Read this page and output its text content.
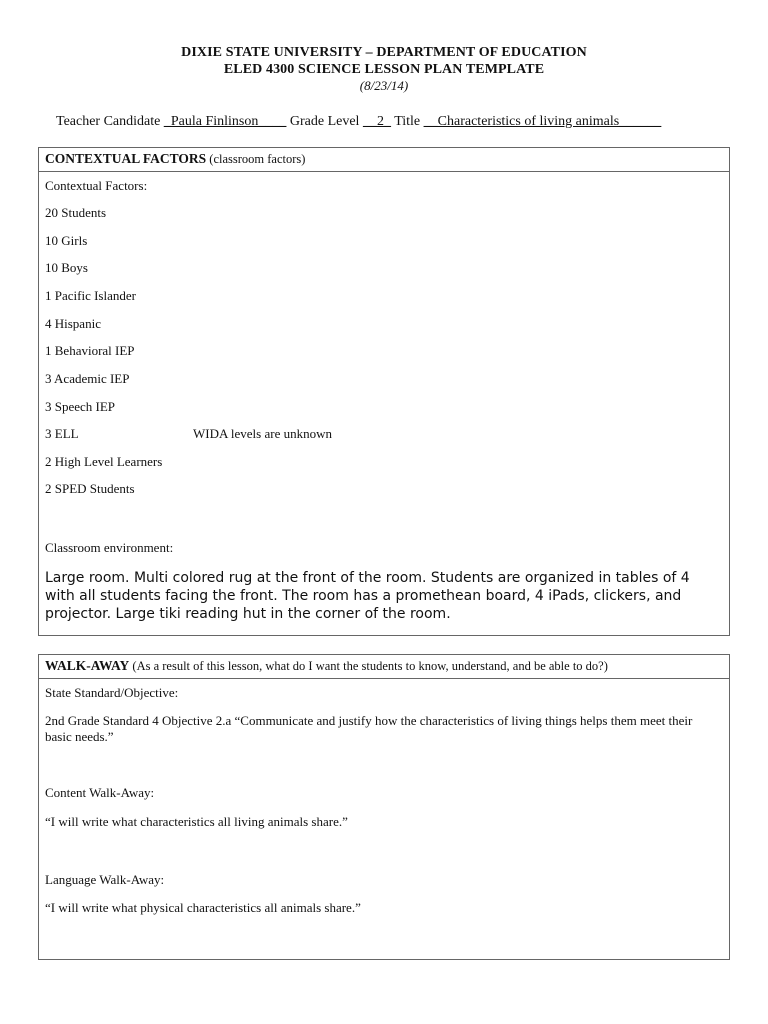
DIXIE STATE UNIVERSITY – DEPARTMENT OF EDUCATION
ELED 4300 SCIENCE LESSON PLAN TEMPLATE
(8/23/14)
Teacher Candidate _Paula Finlinson____ Grade Level __2_ Title __Characteristics of living animals______
CONTEXTUAL FACTORS (classroom factors)
Contextual Factors:
20 Students
10 Girls
10 Boys
1 Pacific Islander
4 Hispanic
1 Behavioral IEP
3 Academic IEP
3 Speech IEP
3 ELL	WIDA levels are unknown
2 High Level Learners
2 SPED Students
Classroom environment:
Large room. Multi colored rug at the front of the room. Students are organized in tables of 4 with all students facing the front. The room has a promethean board, 4 iPads, clickers, and projector. Large tiki reading hut in the corner of the room.
WALK-AWAY (As a result of this lesson, what do I want the students to know, understand, and be able to do?)
State Standard/Objective:
2nd Grade Standard 4 Objective 2.a “Communicate and justify how the characteristics of living things helps them meet their basic needs.”
Content Walk-Away:
“I will write what characteristics all living animals share.”
Language Walk-Away:
“I will write what physical characteristics all animals share.”
